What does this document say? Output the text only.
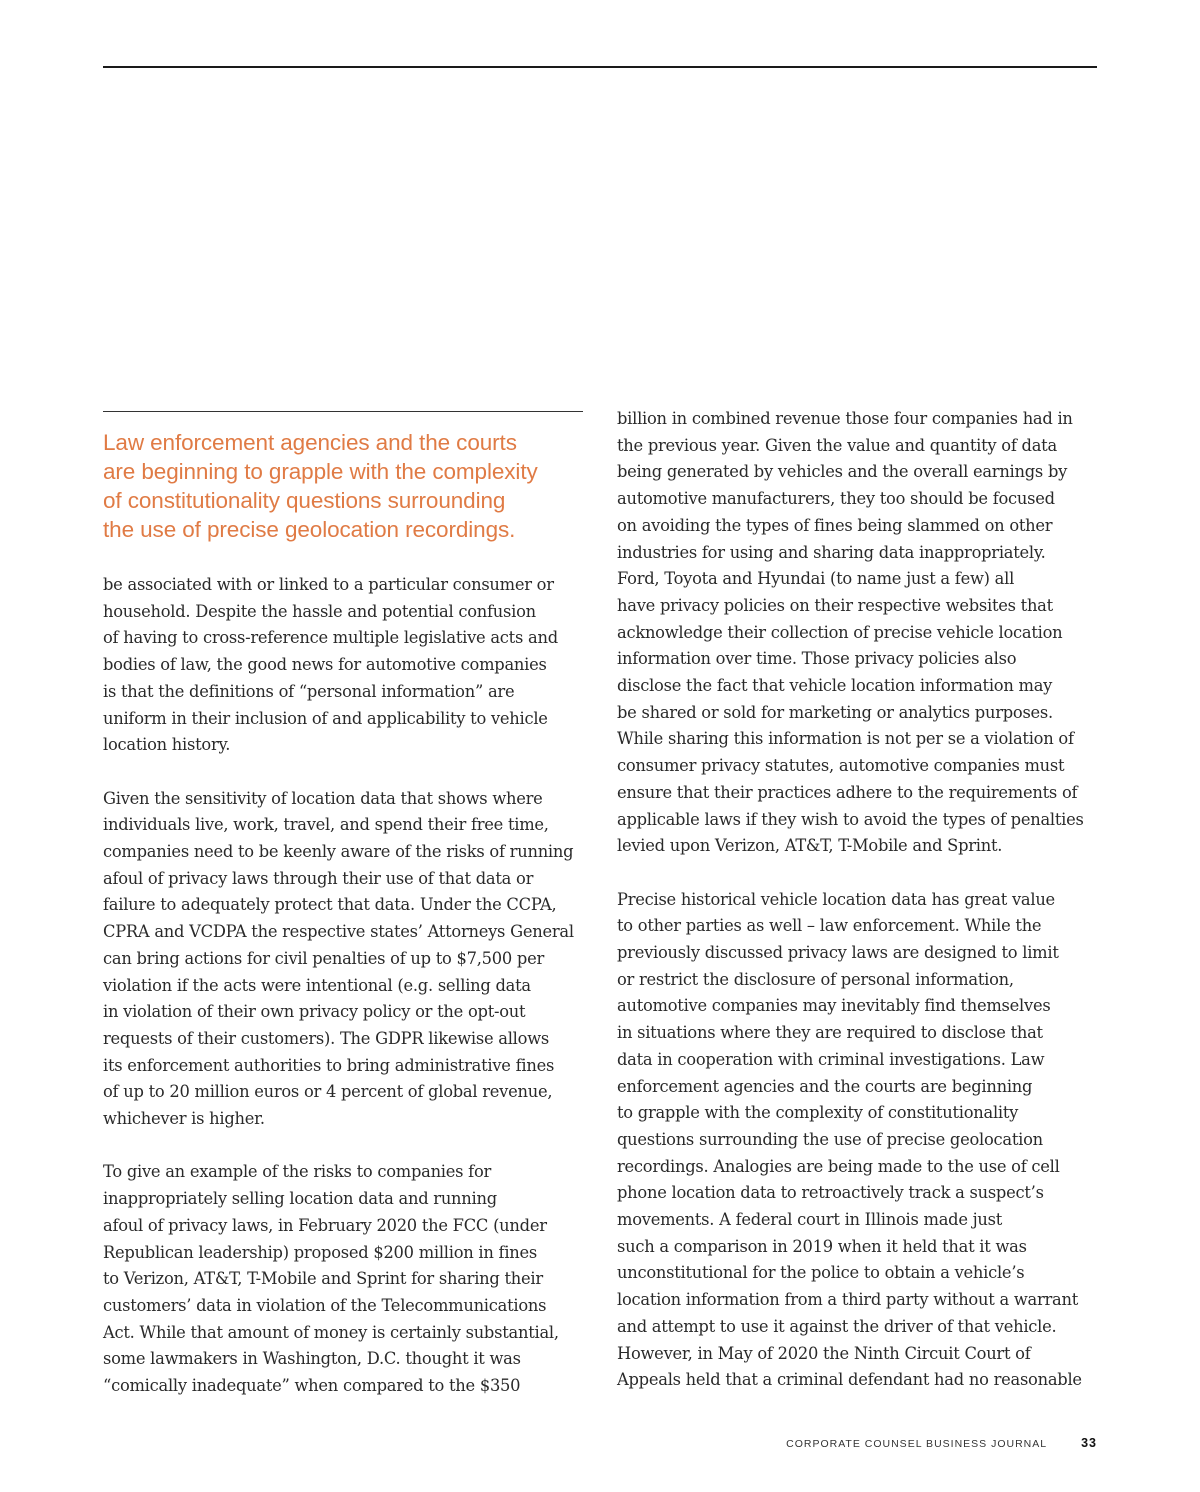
Law enforcement agencies and the courts
are beginning to grapple with the complexity
of constitutionality questions surrounding
the use of precise geolocation recordings.

be associated with or linked to a particular consumer or
household. Despite the hassle and potential confusion
of having to cross-reference multiple legislative acts and
bodies of law, the good news for automotive companies
is that the definitions of “personal information” are
uniform in their inclusion of and applicability to vehicle
location history.

Given the sensitivity of location data that shows where
individuals live, work, travel, and spend their free time,
companies need to be keenly aware of the risks of running
afoul of privacy laws through their use of that data or
failure to adequately protect that data. Under the CCPA,
CPRA and VCDPA the respective states’ Attorneys General
can bring actions for civil penalties of up to $7,500 per
violation if the acts were intentional (e.g. selling data
in violation of their own privacy policy or the opt-out
requests of their customers). The GDPR likewise allows
its enforcement authorities to bring administrative fines
of up to 20 million euros or 4 percent of global revenue,
whichever is higher.

To give an example of the risks to companies for
inappropriately selling location data and running
afoul of privacy laws, in February 2020 the FCC (under
Republican leadership) proposed $200 million in fines
to Verizon, AT&T, T-Mobile and Sprint for sharing their
customers’ data in violation of the Telecommunications
Act. While that amount of money is certainly substantial,
some lawmakers in Washington, D.C. thought it was
“comically inadequate” when compared to the $350

billion in combined revenue those four companies had in
the previous year. Given the value and quantity of data
being generated by vehicles and the overall earnings by
automotive manufacturers, they too should be focused
on avoiding the types of fines being slammed on other
industries for using and sharing data inappropriately.
Ford, Toyota and Hyundai (to name just a few) all
have privacy policies on their respective websites that
acknowledge their collection of precise vehicle location
information over time. Those privacy policies also
disclose the fact that vehicle location information may
be shared or sold for marketing or analytics purposes.
While sharing this information is not per se a violation of
consumer privacy statutes, automotive companies must
ensure that their practices adhere to the requirements of
applicable laws if they wish to avoid the types of penalties
levied upon Verizon, AT&T, T-Mobile and Sprint.

Precise historical vehicle location data has great value
to other parties as well – law enforcement. While the
previously discussed privacy laws are designed to limit
or restrict the disclosure of personal information,
automotive companies may inevitably find themselves
in situations where they are required to disclose that
data in cooperation with criminal investigations. Law
enforcement agencies and the courts are beginning
to grapple with the complexity of constitutionality
questions surrounding the use of precise geolocation
recordings. Analogies are being made to the use of cell
phone location data to retroactively track a suspect’s
movements. A federal court in Illinois made just
such a comparison in 2019 when it held that it was
unconstitutional for the police to obtain a vehicle’s
location information from a third party without a warrant
and attempt to use it against the driver of that vehicle.
However, in May of 2020 the Ninth Circuit Court of
Appeals held that a criminal defendant had no reasonable

CORPORATE COUNSEL BUSINESS JOURNAL	33
